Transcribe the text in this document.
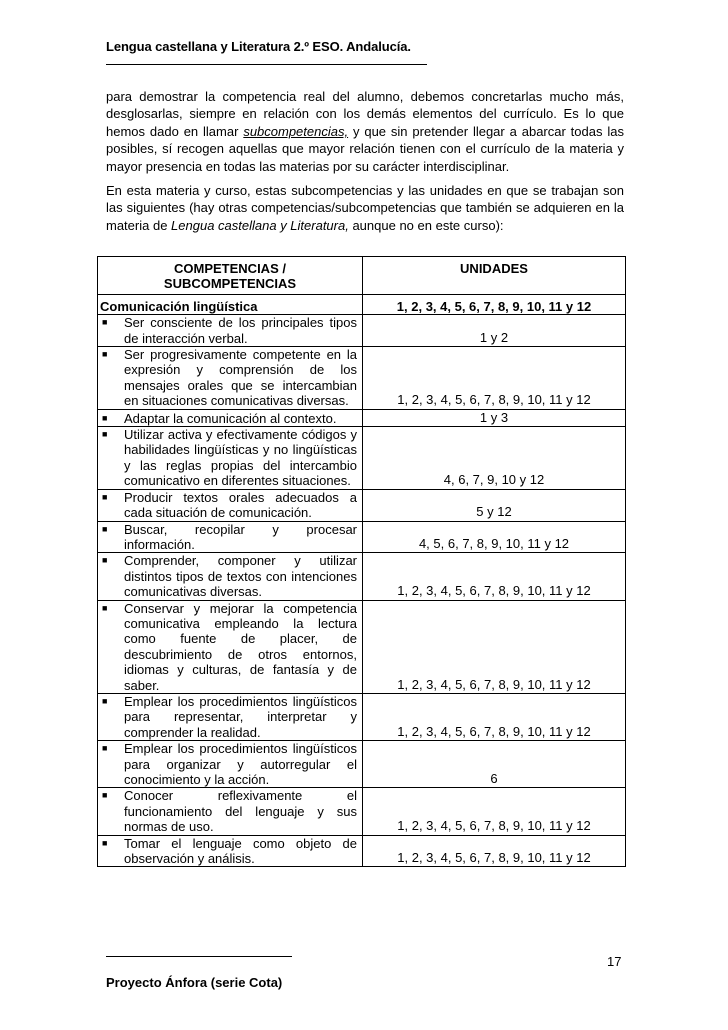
Lengua castellana y Literatura 2.º ESO. Andalucía.
para demostrar la competencia real del alumno, debemos concretarlas mucho más, desglosarlas, siempre en relación con los demás elementos del currículo. Es lo que hemos dado en llamar subcompetencias, y que sin pretender llegar a abarcar todas las posibles, sí recogen aquellas que mayor relación tienen con el currículo de la materia y mayor presencia en todas las materias por su carácter interdisciplinar.
En esta materia y curso, estas subcompetencias y las unidades en que se trabajan son las siguientes (hay otras competencias/subcompetencias que también se adquieren en la materia de Lengua castellana y Literatura, aunque no en este curso):
COMPETENCIAS /
SUBCOMPETENCIAS	UNIDADES
Comunicación lingüística	1, 2, 3, 4, 5, 6, 7, 8, 9, 10, 11 y 12

■ Ser consciente de los principales tipos de interacción verbal.	1 y 2

■ Ser progresivamente competente en la expresión y comprensión de los mensajes orales que se intercambian en situaciones comunicativas diversas.	1, 2, 3, 4, 5, 6, 7, 8, 9, 10, 11 y 12

■ Adaptar la comunicación al contexto.	1 y 3

■ Utilizar activa y efectivamente códigos y habilidades lingüísticas y no lingüísticas y las reglas propias del intercambio comunicativo en diferentes situaciones.	4, 6, 7, 9, 10 y 12

■ Producir textos orales adecuados a cada situación de comunicación.	5 y 12

■ Buscar, recopilar y procesar información.	4, 5, 6, 7, 8, 9, 10, 11 y 12

■ Comprender, componer y utilizar distintos tipos de textos con intenciones comunicativas diversas.	1, 2, 3, 4, 5, 6, 7, 8, 9, 10, 11 y 12

■ Conservar y mejorar la competencia comunicativa empleando la lectura como fuente de placer, de descubrimiento de otros entornos, idiomas y culturas, de fantasía y de saber.	1, 2, 3, 4, 5, 6, 7, 8, 9, 10, 11 y 12

■ Emplear los procedimientos lingüísticos para representar, interpretar y comprender la realidad.	1, 2, 3, 4, 5, 6, 7, 8, 9, 10, 11 y 12

■ Emplear los procedimientos lingüísticos para organizar y autorregular el conocimiento y la acción.	6

■ Conocer reflexivamente el funcionamiento del lenguaje y sus normas de uso.	1, 2, 3, 4, 5, 6, 7, 8, 9, 10, 11 y 12

■ Tomar el lenguaje como objeto de observación y análisis.	1, 2, 3, 4, 5, 6, 7, 8, 9, 10, 11 y 12
Proyecto Ánfora (serie Cota)
17
